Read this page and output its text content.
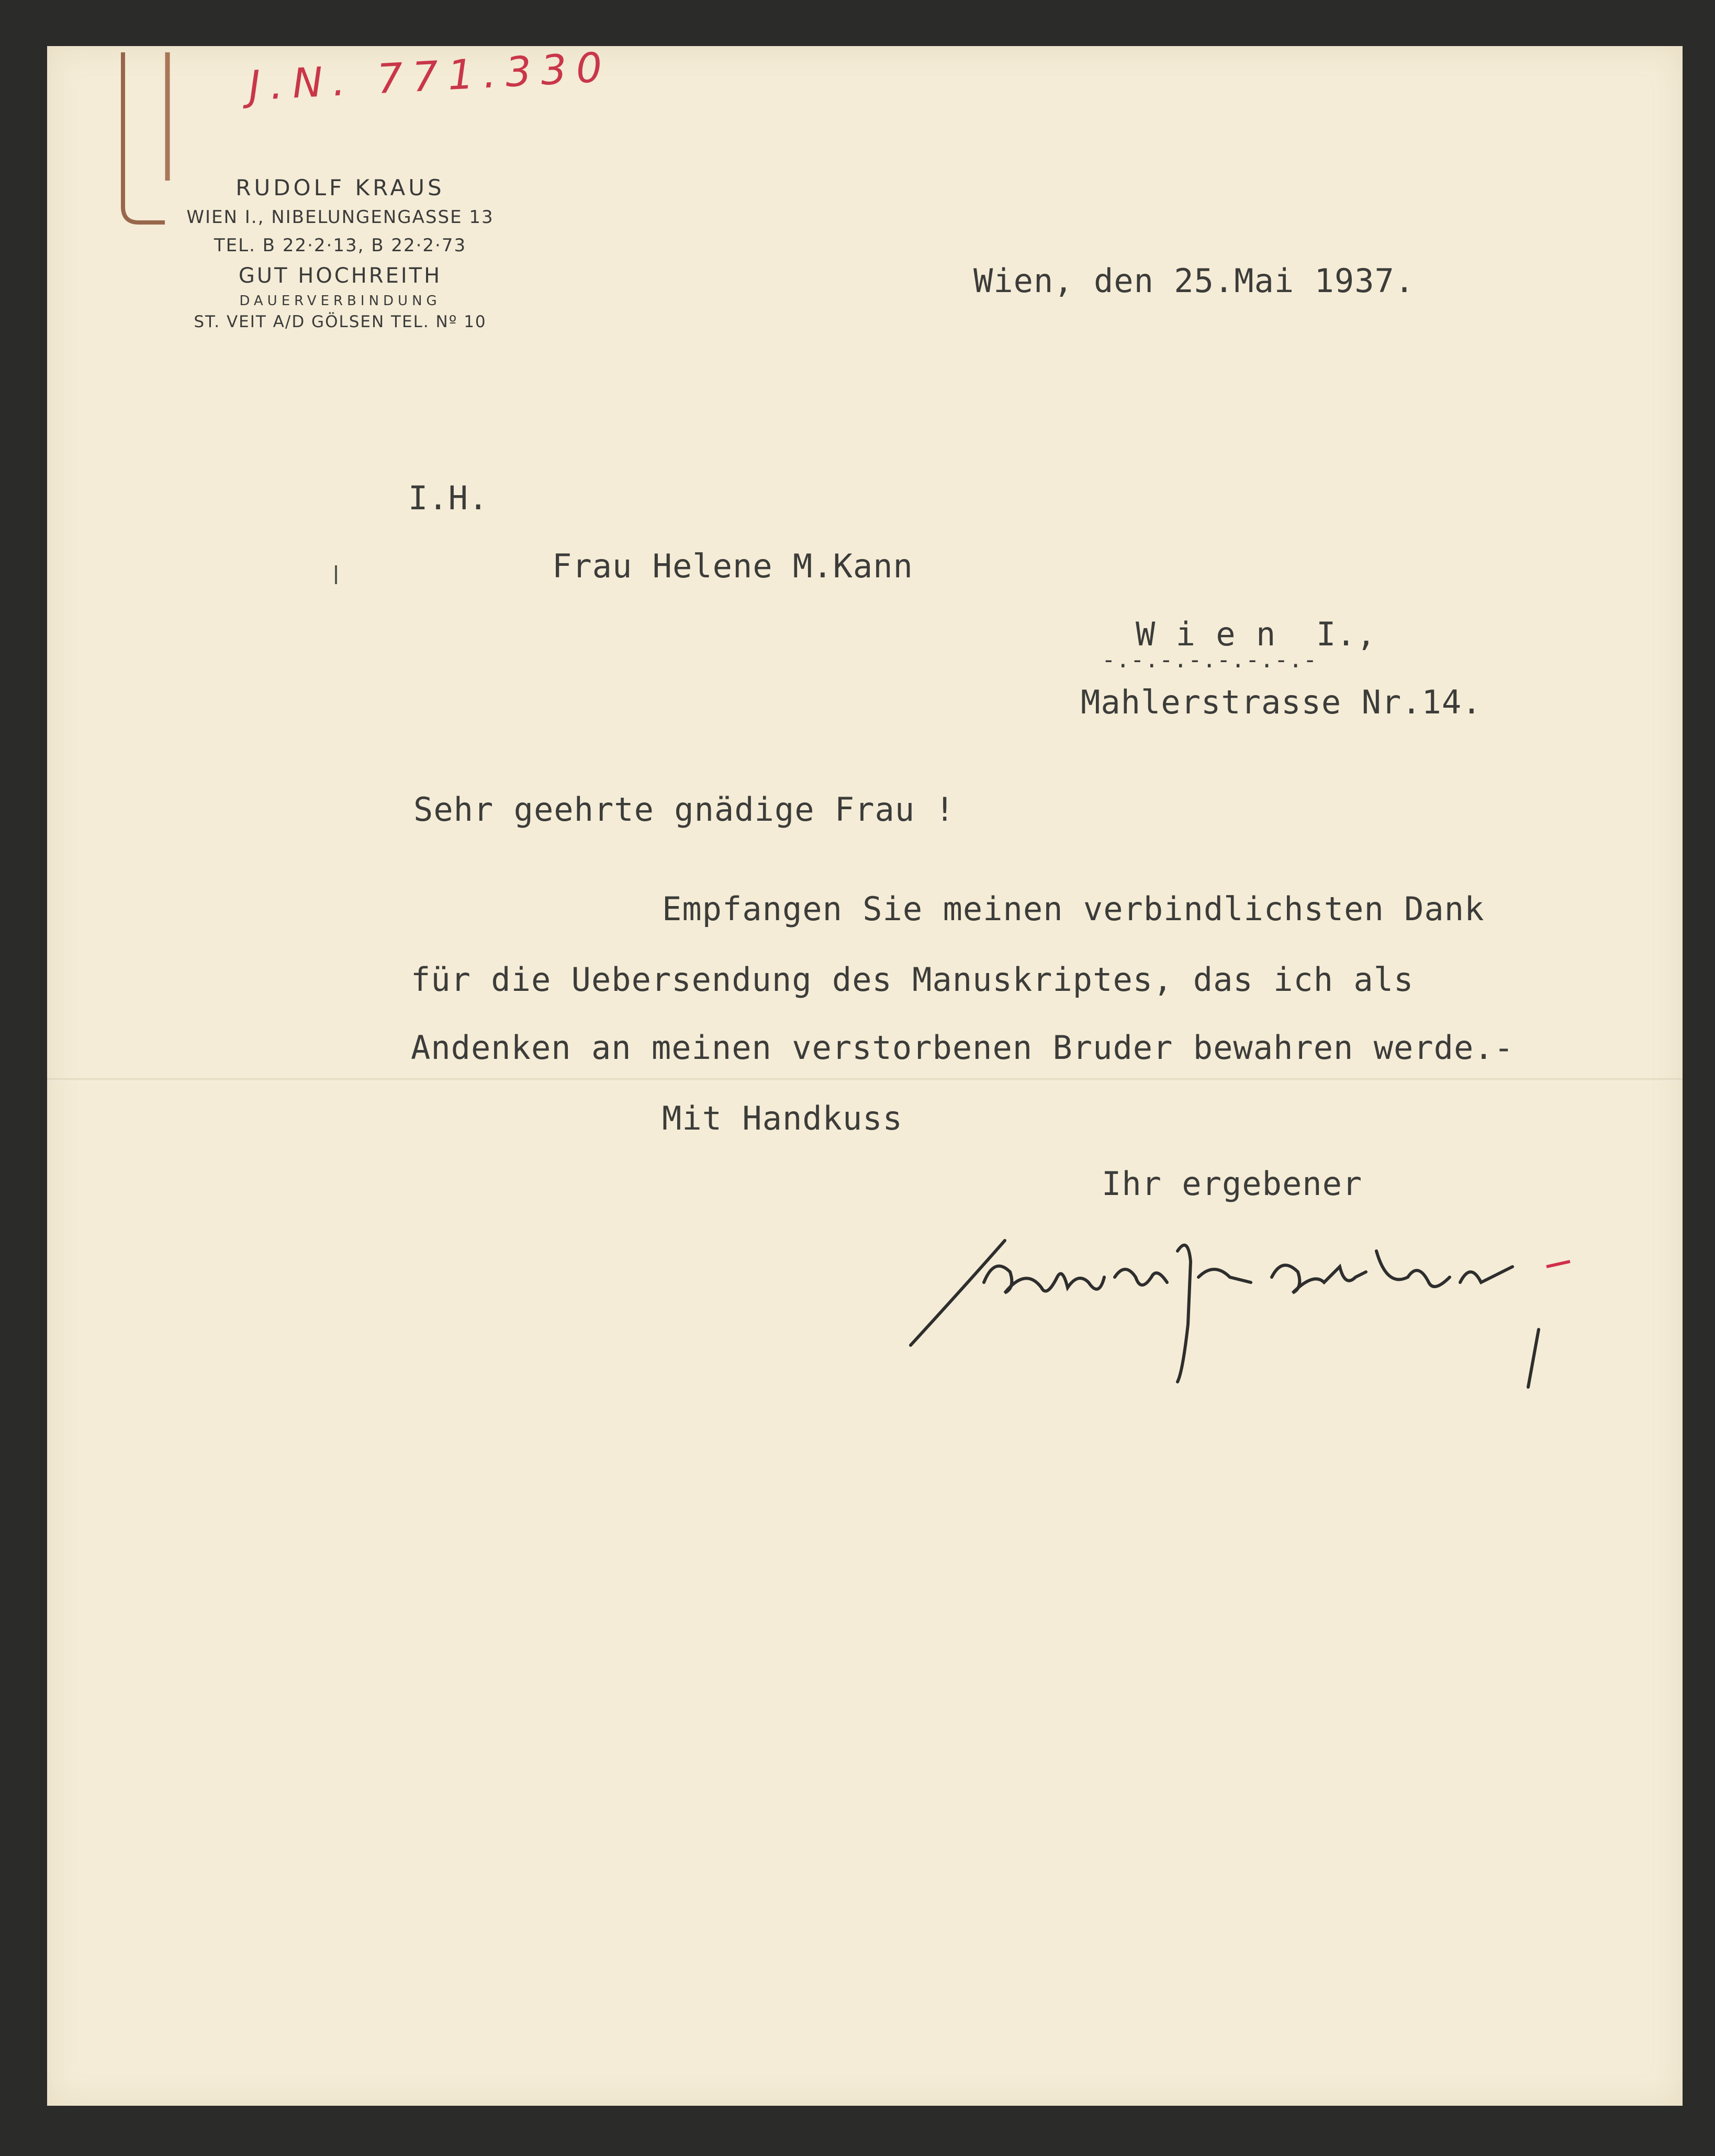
J.N. 771.330
RUDOLF KRAUS
WIEN I., NIBELUNGENGASSE 13
TEL. B 22·2·13, B 22·2·73
GUT HOCHREITH
DAUERVERBINDUNG
ST. VEIT A/D GÖLSEN TEL. Nº 10
Wien, den 25.Mai 1937.
I.H.
Frau Helene M.Kann
W i e n  I.,
-.-.-.-.-.-.-.-
Mahlerstrasse Nr.14.
Sehr geehrte gnädige Frau !
Empfangen Sie meinen verbindlichsten Dank
für die Uebersendung des Manuskriptes, das ich als
Andenken an meinen verstorbenen Bruder bewahren werde.-
Mit Handkuss
Ihr ergebener
